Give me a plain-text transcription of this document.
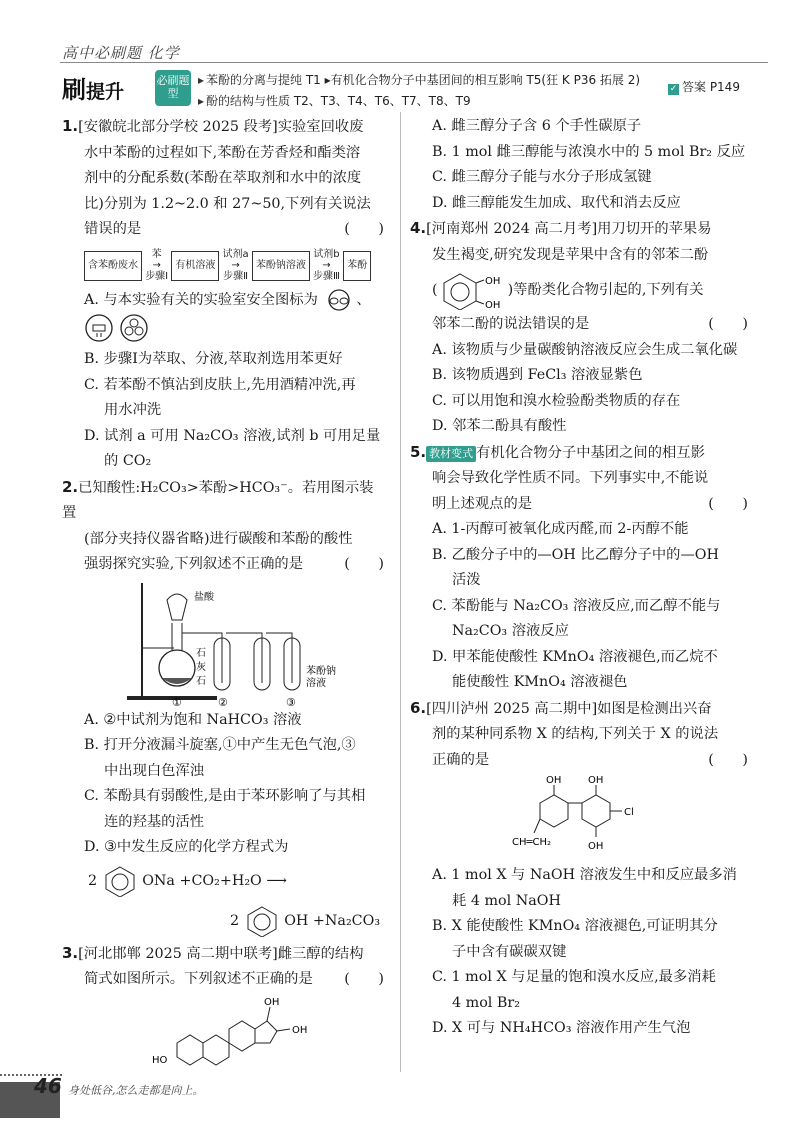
高中必刷题 化学
刷提升
必刷题型
▸ 苯酚的分离与提纯 T1 ▸有机化合物分子中基团间的相互影响 T5(狂 K P36 拓展 2)
▸ 酚的结构与性质 T2、T3、T4、T6、T7、T8、T9
✓ 答案 P149

1.[安徽皖北部分学校 2025 段考]实验室回收废

水中苯酚的过程如下,苯酚在芳香烃和酯类溶

剂中的分配系数(苯酚在萃取剂和水中的浓度

比)分别为 1.2~2.0 和 27~50,下列有关说法

错误的是	(　　)

含苯酚废水 苯
→
步骤Ⅰ 有机溶液 试剂a
→
步骤Ⅱ 苯酚钠溶液 试剂b
→
步骤Ⅲ 苯酚

A. 与本实验有关的实验室安全图标为	、

B. 步骤Ⅰ为萃取、分液,萃取剂选用苯更好

C. 若苯酚不慎沾到皮肤上,先用酒精冲洗,再

用水冲洗

D. 试剂 a 可用 Na₂CO₃ 溶液,试剂 b 可用足量

的 CO₂

2.已知酸性:H₂CO₃>苯酚>HCO₃⁻。若用图示装置

(部分夹持仪器省略)进行碳酸和苯酚的酸性

强弱探究实验,下列叙述不正确的是	(　　)

盐酸
石
灰
石
苯酚钠
溶液
①	②	③

A. ②中试剂为饱和 NaHCO₃ 溶液

B. 打开分液漏斗旋塞,①中产生无色气泡,③

中出现白色浑浊

C. 苯酚具有弱酸性,是由于苯环影响了与其相

连的羟基的活性

D. ③中发生反应的化学方程式为

2	ONa +CO₂+H₂O ⟶

2	OH +Na₂CO₃

3.[河北邯郸 2025 高二期中联考]雌三醇的结构

简式如图所示。下列叙述不正确的是 (　　)

HO
OH
OH

A. 雌三醇分子含 6 个手性碳原子

B. 1 mol 雌三醇能与浓溴水中的 5 mol Br₂ 反应

C. 雌三醇分子能与水分子形成氢键

D. 雌三醇能发生加成、取代和消去反应

4.[河南郑州 2024 高二月考]用刀切开的苹果易

发生褐变,研究发现是苹果中含有的邻苯二酚

(
OH
OH
)等酚类化合物引起的,下列有关

邻苯二酚的说法错误的是	(　　)

A. 该物质与少量碳酸钠溶液反应会生成二氧化碳

B. 该物质遇到 FeCl₃ 溶液显紫色

C. 可以用饱和溴水检验酚类物质的存在

D. 邻苯二酚具有酸性

5. 教材变式 有机化合物分子中基团之间的相互影

响会导致化学性质不同。下列事实中,不能说

明上述观点的是	(　　)

A. 1-丙醇可被氧化成丙醛,而 2-丙醇不能

B. 乙酸分子中的—OH 比乙醇分子中的—OH

活泼

C. 苯酚能与 Na₂CO₃ 溶液反应,而乙醇不能与

Na₂CO₃ 溶液反应

D. 甲苯能使酸性 KMnO₄ 溶液褪色,而乙烷不

能使酸性 KMnO₄ 溶液褪色

6.[四川泸州 2025 高二期中]如图是检测出兴奋

剂的某种同系物 X 的结构,下列关于 X 的说法

正确的是	(　　)

OH	OH
OH
Cl
CH═CH₂

A. 1 mol X 与 NaOH 溶液发生中和反应最多消

耗 4 mol NaOH

B. X 能使酸性 KMnO₄ 溶液褪色,可证明其分

子中含有碳碳双键

C. 1 mol X 与足量的饱和溴水反应,最多消耗

4 mol Br₂

D. X 可与 NH₄HCO₃ 溶液作用产生气泡

46 身处低谷,怎么走都是向上。
